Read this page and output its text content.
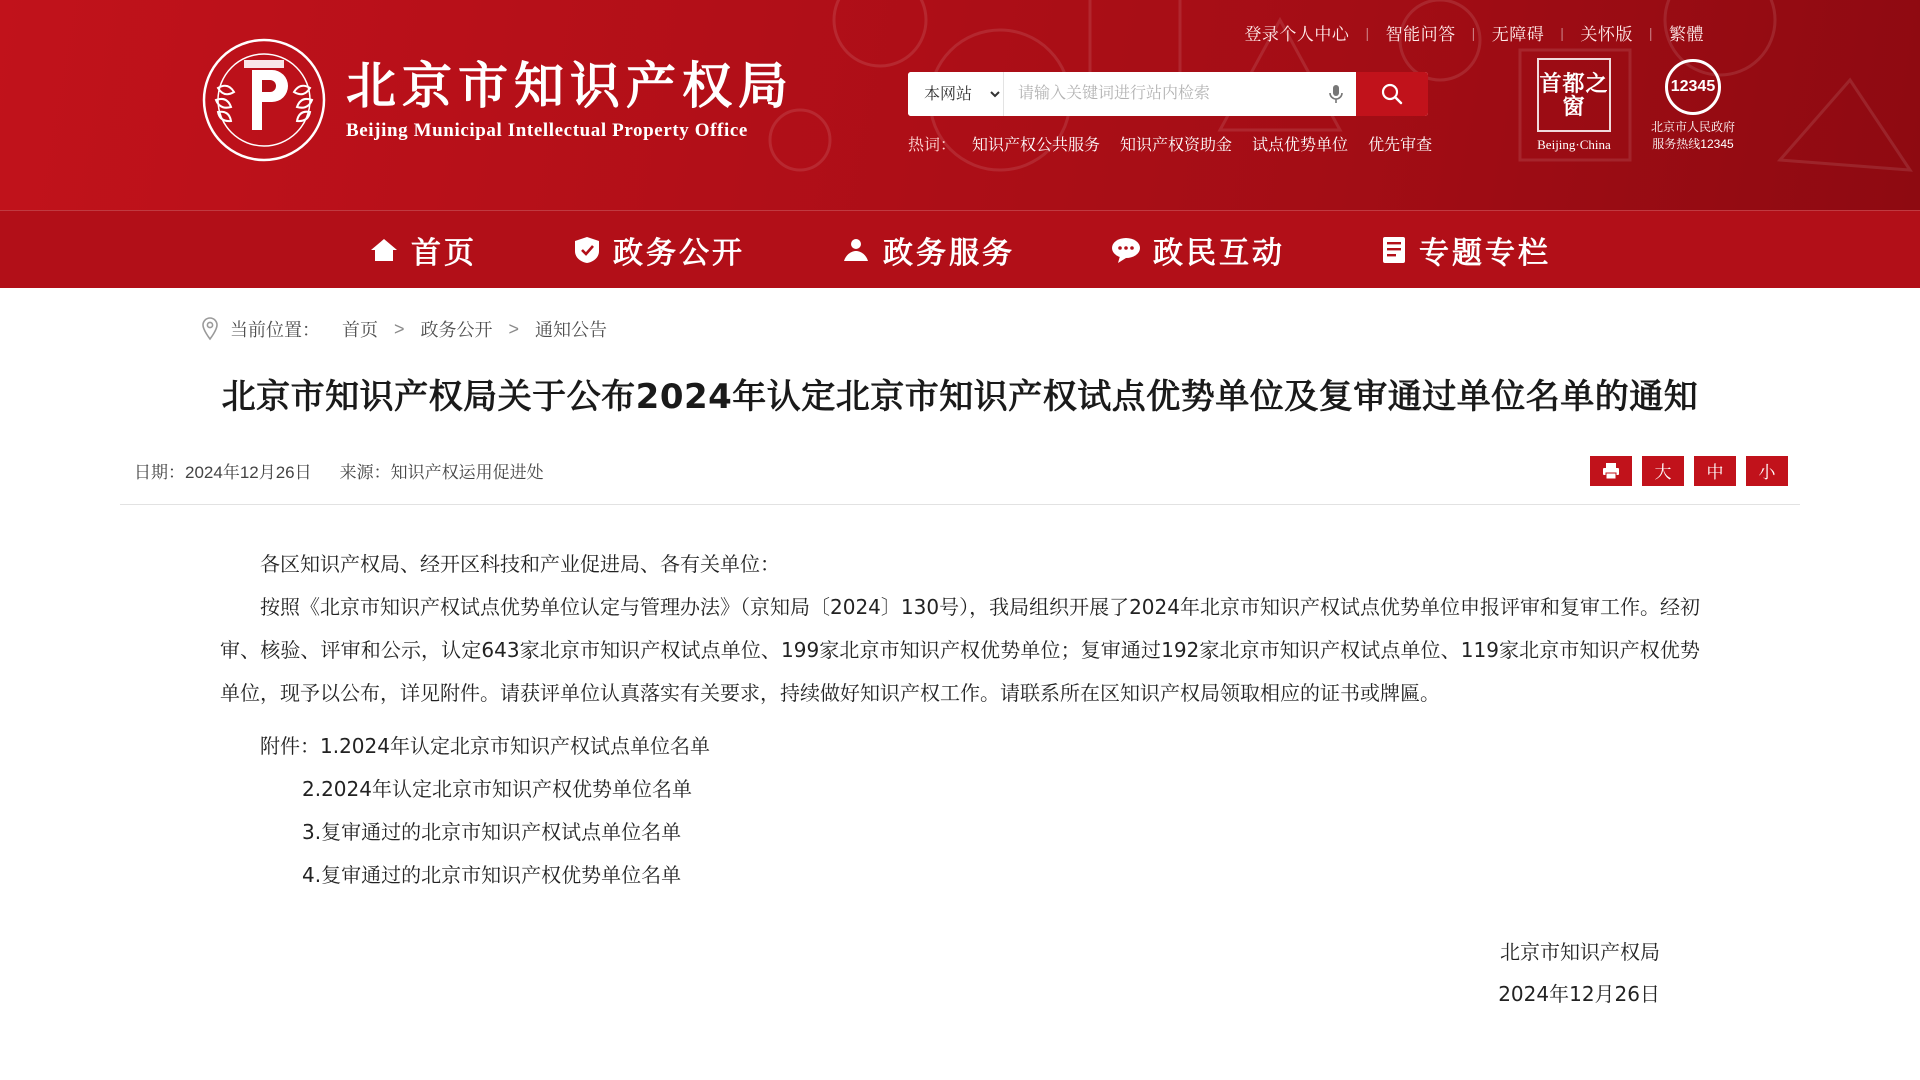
登录个人中心	| 智能问答	| 无障碍	| 关怀版	| 繁體
北京市知识产权局
Beijing Municipal Intellectual Property Office
本网站
请输入关键词进行站内检索
热词：	知识产权公共服务	知识产权资助金	试点优势单位	优先审查
首都之窗
Beijing·China
12345
北京市人民政府
服务热线12345
首页	政务公开	政务服务	政民互动	专题专栏
当前位置： 首页 > 政务公开 > 通知公告
北京市知识产权局关于公布2024年认定北京市知识产权试点优势单位及复审通过单位名单的通知
日期：2024年12月26日 来源：知识产权运用促进处	大	中	小

各区知识产权局、经开区科技和产业促进局、各有关单位：

按照《北京市知识产权试点优势单位认定与管理办法》（京知局〔2024〕130号），我局组织开展了2024年北京市知识产权试点优势单位申报评审和复审工作。经初审、核验、评审和公示，认定643家北京市知识产权试点单位、199家北京市知识产权优势单位；复审通过192家北京市知识产权试点单位、119家北京市知识产权优势单位，现予以公布，详见附件。请获评单位认真落实有关要求，持续做好知识产权工作。请联系所在区知识产权局领取相应的证书或牌匾。

附件：1.2024年认定北京市知识产权试点单位名单

2.2024年认定北京市知识产权优势单位名单

3.复审通过的北京市知识产权试点单位名单

4.复审通过的北京市知识产权优势单位名单

北京市知识产权局
2024年12月26日
